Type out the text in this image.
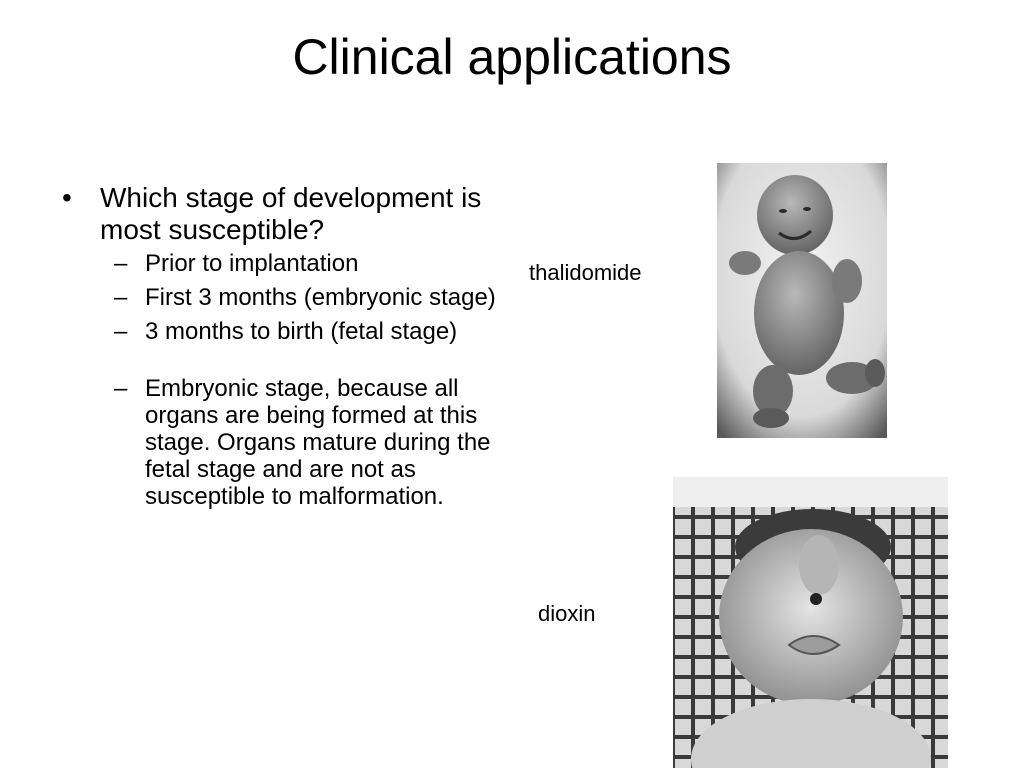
Clinical applications
• Which stage of development is most susceptible?
– Prior to implantation
– First 3 months (embryonic stage)
– 3 months to birth (fetal stage)
– Embryonic stage, because all organs are being formed at this stage. Organs mature during the fetal stage and are not as susceptible to malformation.
thalidomide
dioxin
